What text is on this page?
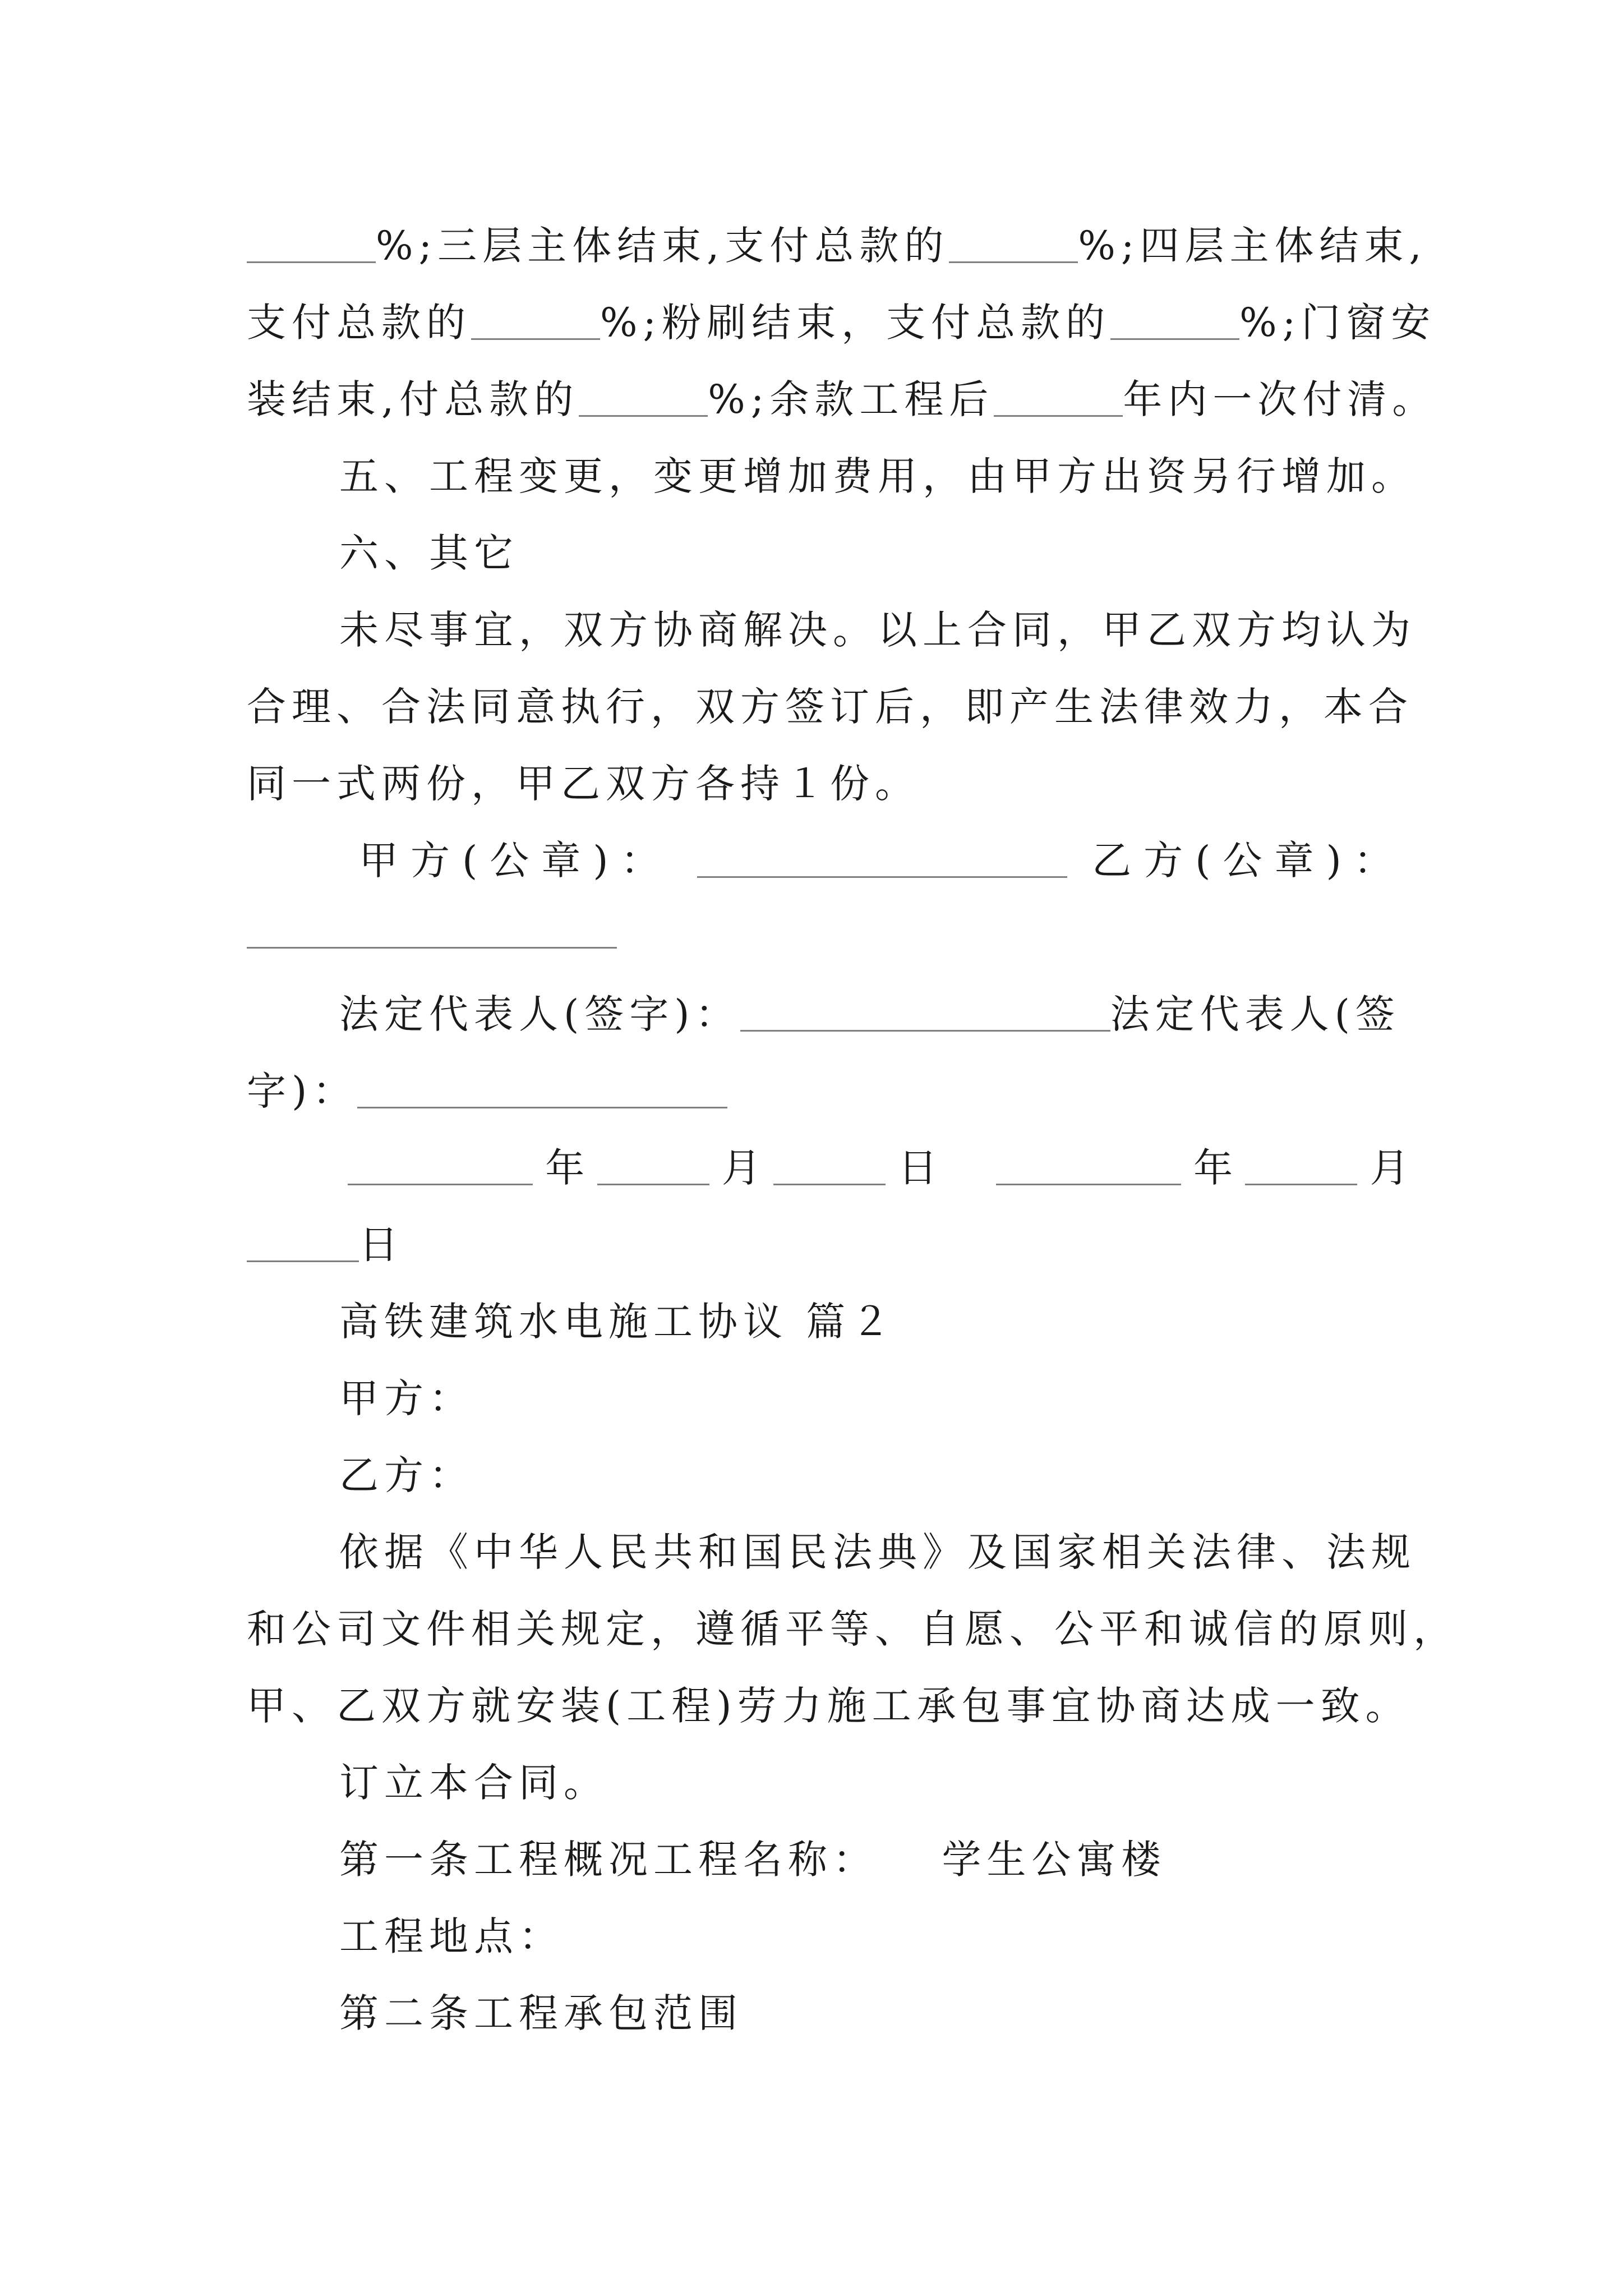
%;三层主体结束,支付总款的	%;四层主体结束,
支付总款的	%;粉刷结束，支付总款的	%;门窗安
装结束,付总款的	%;余款工程后	年内一次付清。
五、工程变更，变更增加费用，由甲方出资另行增加。
六、其它
未尽事宜，双方协商解决。以上合同，甲乙双方均认为
合理、合法同意执行，双方签订后，即产生法律效力，本合
同一式两份，甲乙双方各持１份。
甲方(公章)：	乙方(公章)：
法定代表人(签字)：	法定代表人(签
字)：
年	月	日	年	月
日
高铁建筑水电施工协议 篇２
甲方：
乙方：
依据《中华人民共和国民法典》及国家相关法律、法规
和公司文件相关规定，遵循平等、自愿、公平和诚信的原则，
甲、乙双方就安装(工程)劳力施工承包事宜协商达成一致。
订立本合同。
第一条工程概况工程名称： 学生公寓楼
工程地点：
第二条工程承包范围
